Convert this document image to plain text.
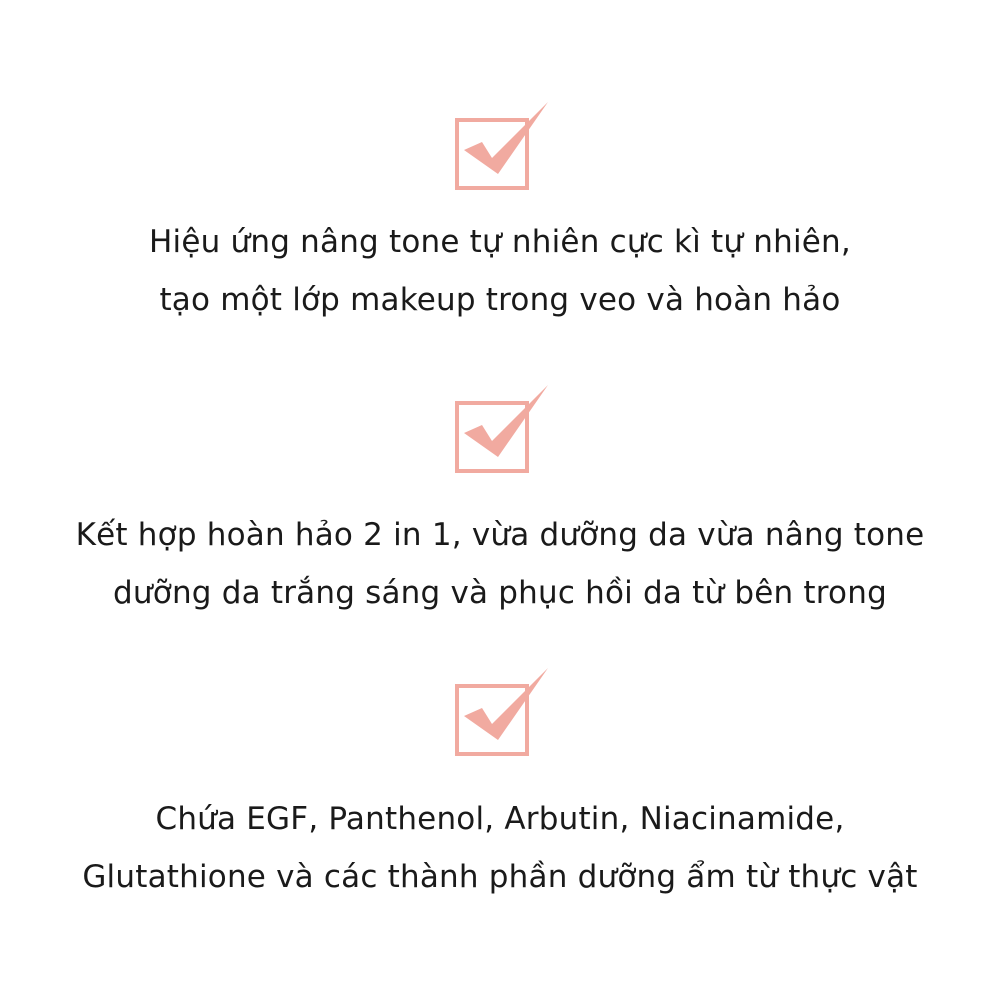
Hiệu ứng nâng tone tự nhiên cực kì tự nhiên,
tạo một lớp makeup trong veo và hoàn hảo
Kết hợp hoàn hảo 2 in 1, vừa dưỡng da vừa nâng tone
dưỡng da trắng sáng và phục hồi da từ bên trong
Chứa EGF, Panthenol, Arbutin, Niacinamide,
Glutathione và các thành phần dưỡng ẩm từ thực vật
